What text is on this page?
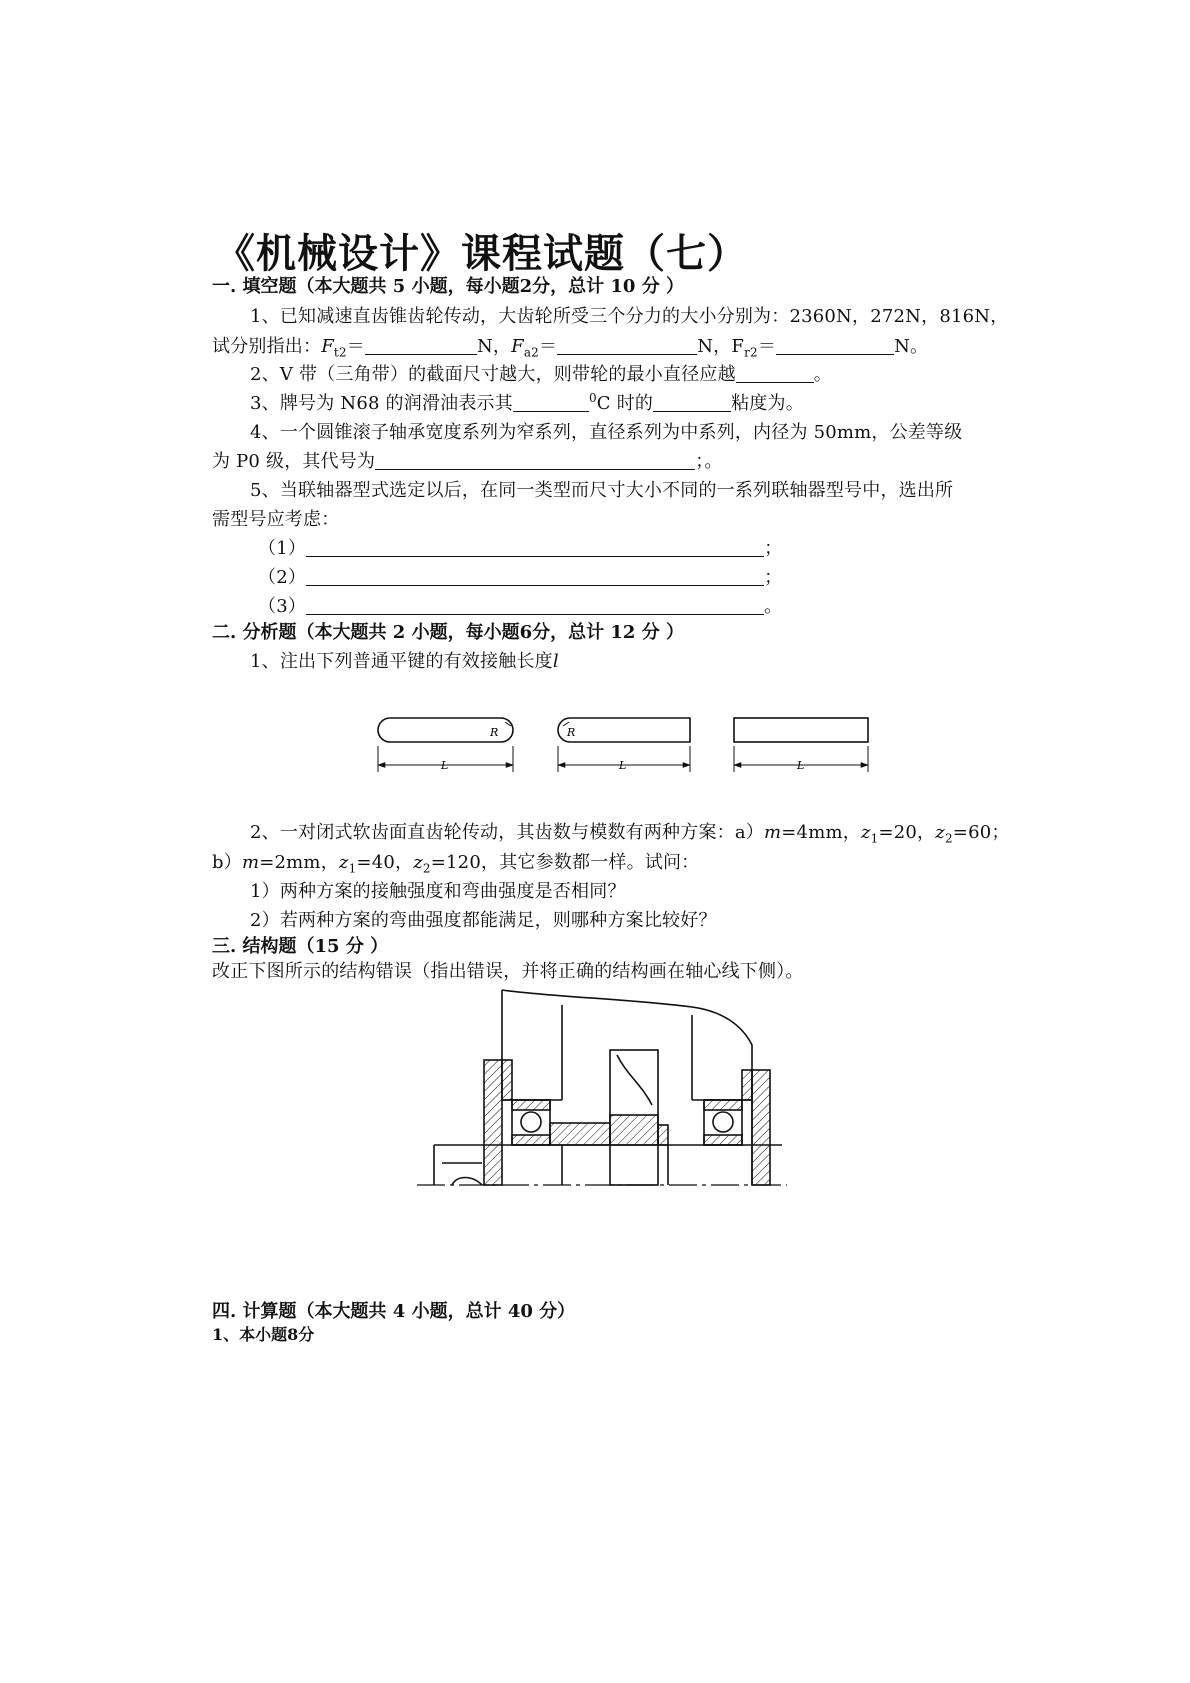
《机械设计》课程试题（七）
一. 填空题（本大题共 5 小题，每小题2分，总计 10 分 ）
1、已知减速直齿锥齿轮传动，大齿轮所受三个分力的大小分别为：2360N，272N，816N，
试分别指出：$F_{t2}=$	N，$F_{a2}=$	N，$F_{r2}=$	N。
2、V 带（三角带）的截面尺寸越大，则带轮的最小直径应越	。
3、牌号为 N68 的润滑油表示其	$^0$C 时的	粘度为。
4、一个圆锥滚子轴承宽度系列为窄系列，直径系列为中系列，内径为 50mm，公差等级
为 P0 级，其代号为	；。
5、当联轴器型式选定以后，在同一类型而尺寸大小不同的一系列联轴器型号中，选出所
需型号应考虑：
（1）	；
（2）	；
（3）	。
二. 分析题（本大题共 2 小题，每小题6分，总计 12 分 ）
1、注出下列普通平键的有效接触长度l
R
L
R
L	L
2、一对闭式软齿面直齿轮传动，其齿数与模数有两种方案：a）m=4mm，$z_1=20$，$z_2=60$；
b）m=2mm，$z_1=40$，$z_2=120$，其它参数都一样。试问：
1）两种方案的接触强度和弯曲强度是否相同？
2）若两种方案的弯曲强度都能满足，则哪种方案比较好？
三. 结构题（15 分 ）
改正下图所示的结构错误（指出错误，并将正确的结构画在轴心线下侧）。
四. 计算题（本大题共 4 小题，总计 40 分）
1、本小题8分
